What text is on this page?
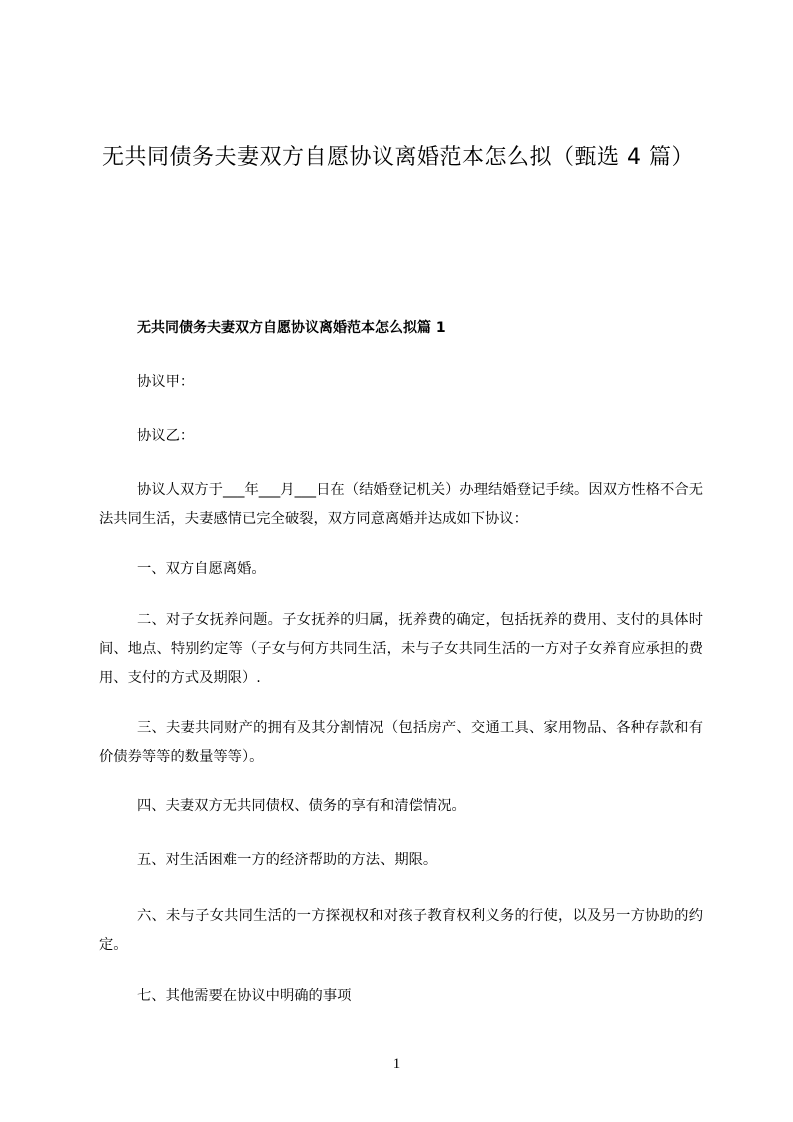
无共同债务夫妻双方自愿协议离婚范本怎么拟（甄选 4 篇）
无共同债务夫妻双方自愿协议离婚范本怎么拟篇 1
协议甲：
协议乙：
协议人双方于___年___月___日在（结婚登记机关）办理结婚登记手续。因双方性格不合无法共同生活，夫妻感情已完全破裂，双方同意离婚并达成如下协议：
一、双方自愿离婚。
二、对子女抚养问题。子女抚养的归属，抚养费的确定，包括抚养的费用、支付的具体时间、地点、特别约定等（子女与何方共同生活，未与子女共同生活的一方对子女养育应承担的费用、支付的方式及期限）.
三、夫妻共同财产的拥有及其分割情况（包括房产、交通工具、家用物品、各种存款和有价债券等等的数量等等）。
四、夫妻双方无共同债权、债务的享有和清偿情况。
五、对生活困难一方的经济帮助的方法、期限。
六、未与子女共同生活的一方探视权和对孩子教育权利义务的行使，以及另一方协助的约定。
七、其他需要在协议中明确的事项
1
